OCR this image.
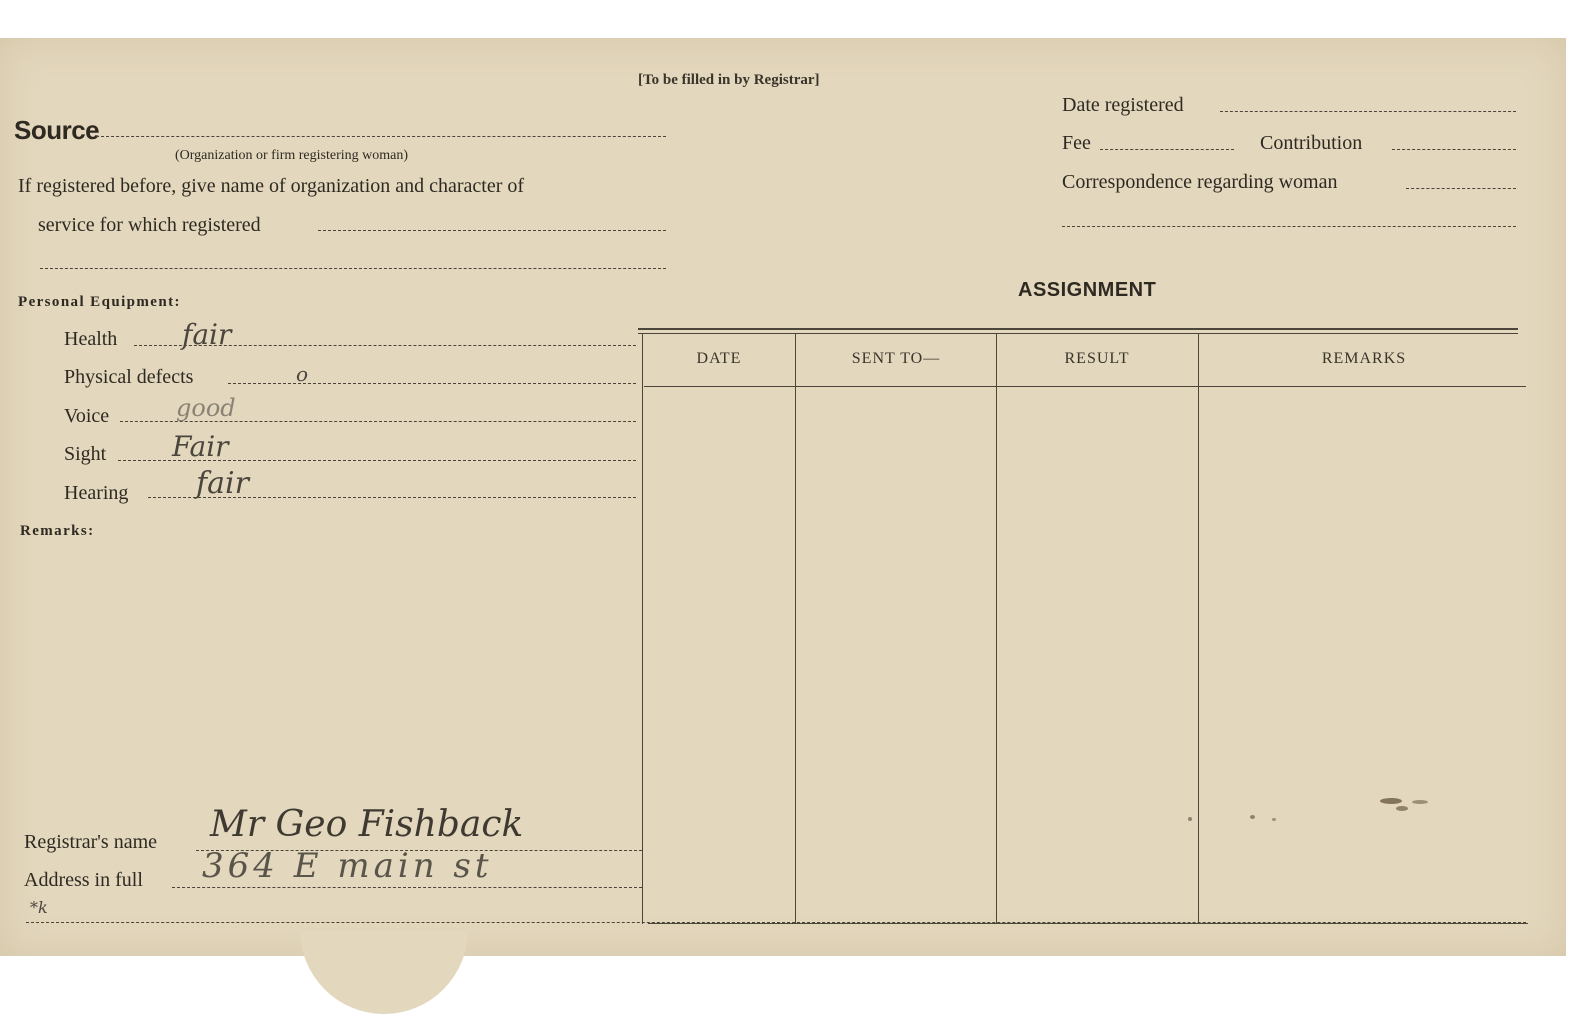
[To be filled in by Registrar]
Source
(Organization or firm registering woman)
If registered before, give name of organization and character of
service for which registered
Personal Equipment:
Health fair
Physical defects	o
Voice	good
Sight Fair
Hearing fair
Remarks:
Registrar's name Mr Geo Fishback
Address in full 364 E main st
*k
Date registered
Fee	Contribution
Correspondence regarding woman
ASSIGNMENT
DATE	SENT TO—	RESULT	REMARKS
